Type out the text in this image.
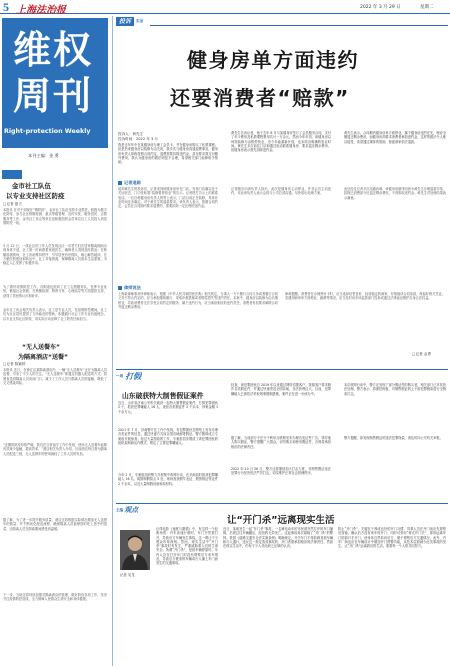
5 上海法治报	2022 年 3 月 29 日	星期二
维权
周刊
Right-protection Weekly
本刊主编：金 勇
简讯
金市社工队伍
以专业支持社区防疫
□记者 夏天
本报讯 在对于到现在“钢铁侠”，金市社工队伍坚持专业帮扶，积极为数字化防疫、参与社区核酸检测、重点等级管理、宣传安抚、服务居民、志愿服务等工作，金市社工协会等单位也积极组织会员单位社工人员投入到疫情防控一线。
3 月 12 日，一线社区的工作人员发现社区一对老夫妇在居家隔离期间出现身体不适，社工第一时间联系家庭医生，确保老人得到及时救治；在核酸检测现场，社工协助维持秩序、引导居民有序排队，耐心解答疑问，在方舱医院建设和转运中，社工对接资源，保障隔离人员基本生活需要，为稳定人心发挥了积极作用。
为了做好疫情防控工作，各街道也组织了社工志愿服务队，发挥专业优势，链接社会资源，在核酸检测、物资分发、心理疏导等方面提供支持，获得了居民的认可和好评。
金市社工协会相关负责人表示，社工是专业人员，在疫情防控期间，社工们为社区居民提供了力所能及的帮助，积极践行社会工作专业价值理念，以专业支持社区防疫，用实际行动诠释了社工的责任和担当。
“无人送餐车”
为隔离酒店“送餐”
□记者 陈颖婷
本报讯 近日，在徐汇区某隔离酒店内，一辆“无人送餐车”正在为隔离人员送餐，引来了不少人的关注。“无人送餐车”即通过机器人配送的方式，将餐食送到隔离人员房间门口，减少了工作人员与隔离人员的接触，降低了交叉感染风险。
“近期的防疫形势严峻，我们在日常值守工作中发现，使用无人送餐车能够有效减少接触，提高效率。”酒店相关负责人介绍，目前酒店每日需为隔离人员配送三餐，无人送餐车的使用减轻了工作人员的负担。
据了解，为了进一步提升服务质量，酒店还将根据实际情况增加无人送餐车的数量，并不断优化配送流程，确保隔离人员能够按时吃上热乎的饭菜，让隔离人员在隔离期间感受到温暖。
下一步，当地还将持续加强对隔离酒店的管理，做好防疫各项工作，坚决守住疫情防控底线，全力保障人民群众生命安全和身体健康。
投诉	实录
健身房单方面违约
还要消费者“赔款”
投诉人：黄先生
投诉时间：2022 年 3 月
我是去年年中在某健身房办理了会员卡，并在健身房购买了私教课程。但是后来健身房以装修为由关闭，我多次与健身房沟通退费事宜，健身房负责人却称按照合同约定，退费需要扣除违约金，甚至要求我支付额外费用，我认为健身房的做法明显不合理，希望相关部门能够给予帮助。
黄先生告诉记者，他于去年 6 月与某健身房签订了会员服务合同，支付了年卡费用及私教课程费用共计一万余元。然而今年年初，该健身房以场馆装修为由暂停营业，至今未能重新开放，也未给出明确的复业时间。黄先生多次前往门店和通过电话联系健身房，要求退还剩余费用，但健身房表示需先扣除违约金。
黄先生表示，合同期内健身房单方面停业，属于健身房违约在先，理应全额退还剩余费用，而健身房却要求消费者承担违约金，这样的做法令人难以接受，希望通过媒体的帮助，督促商家依法退款。
记者追踪
接到黄先生的投诉后，记者来到该健身房所在门店，发现门店确实处于关闭状态，门口张贴着“装修暂停营业”的告示。记者拨打告示上的联系电话，一位自称健身房负责人的男士表示，门店目前正在装修，具体开业时间还未确定。对于黄先生的退款要求，该负责人表示，按照合同约定，会员在合同期内要求退费的，需要扣除一定比例的违约金。
记者随后向该负责人指出，此次是健身房主动停业，并非会员主动违约，对此该负责人表示会再与公司总部沟通，尽快给出处理方案。
此后经过记者多次沟通协调，该健身房最终同意为黄先生办理退款手续，扣除已消费部分后退还剩余费用，不再收取违约金。黄先生对处理结果表示满意。
律师说法
上海某律师事务所律师表示，根据《中华人民共和国民法典》相关规定，当事人一方不履行合同义务或者履行合同义务不符合约定的，应当承担继续履行、采取补救措施或者赔偿损失等违约责任。本案中，健身房以装修为由长期停业，导致消费者无法享受合同约定的服务，属于违约行为，应当承担相应的违约责任，消费者有权要求解除合同并退还剩余费用。
律师提醒，消费者在办理预付卡时，应当选择信誉良好、经营稳定的商家，仔细阅读合同条款，保留好相关凭证。若遇到商家单方面停业、跑路等情况，应当及时向市场监管部门投诉或通过法律途径维护自身合法权益。
□记者 金勇
一周 打假
山东破获特大制售假证案件
近日，山东省济南公安机关破获一起特大制售假证案件，打掉犯罪团伙 2 个，抓获犯罪嫌疑人 16 人，查获各类假证件 2 千余本，涉案金额 1 千余万元。
2021 年 7 月，济南警方在工作中发现，有犯罪团伙在网络上发布办理各类证件的信息，通过快递方式向全国各地邮寄假证。警方随即成立专案组开展侦查。经过大量细致的工作，专案组初步摸清了该犯罪团伙的组织架构和运作模式，锁定了主要犯罪嫌疑人。
今年 2 月，专案组组织警力开展集中收网行动，在多地同时抓获犯罪嫌疑人 16 名，捣毁制假窝点 5 处，现场查获假毕业证、假资格证等证件 2 千余本，以及大量制假设备和原材料。
经查，该犯罪团伙自 2019 年以来通过网络招揽客户，按照客户要求制作各类假证件，并通过快递寄送全国各地，非法获利巨大。目前，犯罪嫌疑人已被依法采取刑事强制措施，案件正在进一步侦办中。
据了解，当前部分不法分子利用互联网发布办理各类证件广告，诱导他人购买假证，警方提醒广大群众，切勿购买和使用假证件，否则将承担相应的法律责任。
2022 年 10 月 26 日，警方还将继续加大打击力度，对制售假证违法犯罪行为坚决依法严厉打击，切实维护正常社会管理秩序。
本次收网行动中，警方还发现了部分假证件的购买者，相关部门已对其依法处理。警方表示，将深挖彻查，对制售假证的上下游犯罪链条进行全链条打击。
警方提醒，如发现制售假证的违法犯罪线索，请及时向公安机关举报。
主编 观点
让“开门杀”远离现实生活
记者 吴龙
记得电影《速度与激情》中，有这样一个经典场景：汽车高速行驶时，车门突然被打开，导致后方车辆发生事故。这一幕让不少观众印象深刻。然而，现实生活中“开门杀”事故时有发生，严重威胁着人们的生命安全。所谓“开门杀”，是指车辆停靠时，车内人员在打开车门时没有观察后方来车情况，导致后方驶来的车辆或行人撞上车门而发生的交通事故。
近日，某地发生一起“开门杀”事故，一名骑电动车的市民被突然打开的车门撞倒，后被过往车辆碾压，经抢救无效死亡。这起事故再次敲响了“开门杀”的警钟。我国《道路交通安全法实施条例》明确规定，开关车门不得妨碍其他车辆和行人通行。违反这一规定造成事故的，开门者需承担相应的法律责任。然而在现实生活中，仍有不少人对此缺乏足够的认识。
防止“开门杀”，关键在于养成良好的开门习惯。驾乘人员在开门前应先观察后视镜，确认后方没有来车再开门；同时可采用“荷式开门法”，即用远离车门的那只手开门，使身体自然转向后方，便于观察后方交通情况。此外，汽车厂商也应在车辆设计中增加开门预警功能，从技术层面减少此类事故的发生。让“开门杀”远离我们的生活，需要每一个人的共同努力。
